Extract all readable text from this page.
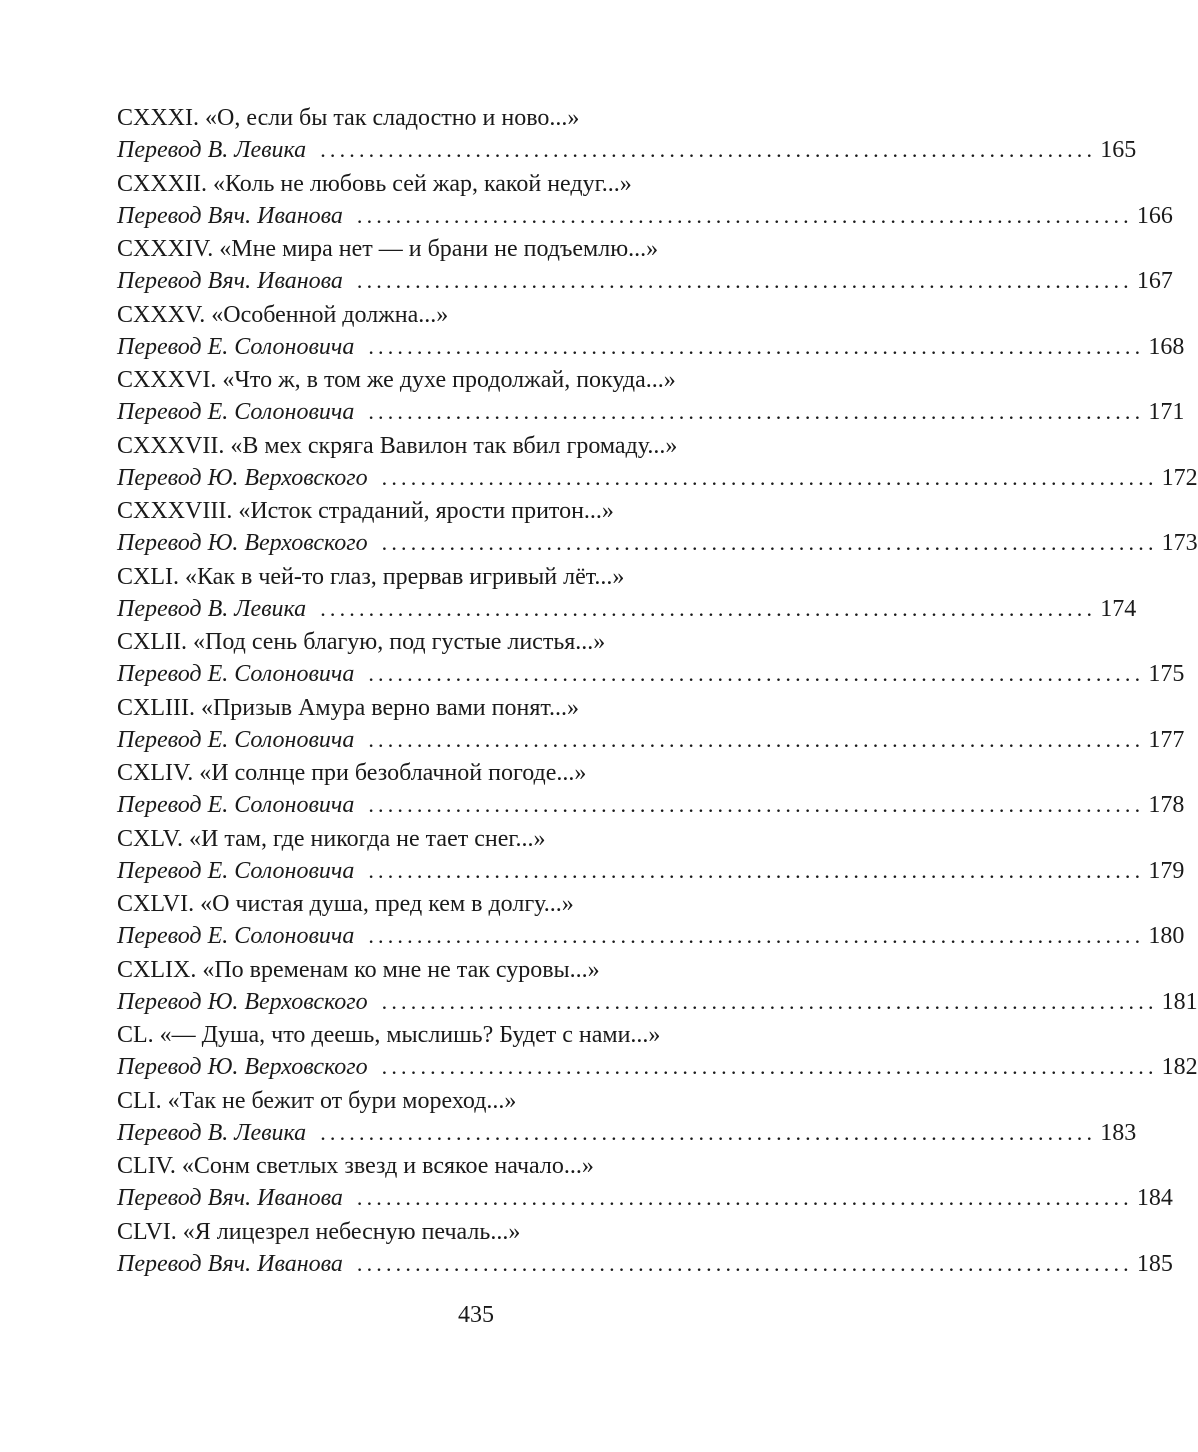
CXXXI. «О, если бы так сладостно и ново...»
Перевод В. Левика ................................................................................ 165
CXXXII. «Коль не любовь сей жар, какой недуг...»
Перевод Вяч. Иванова ................................................................................ 166
CXXXIV. «Мне мира нет — и брани не подъемлю...»
Перевод Вяч. Иванова ................................................................................ 167
CXXXV. «Особенной должна...»
Перевод Е. Солоновича ................................................................................ 168
CXXXVI. «Что ж, в том же духе продолжай, покуда...»
Перевод Е. Солоновича ................................................................................ 171
CXXXVII. «В мех скряга Вавилон так вбил громаду...»
Перевод Ю. Верховского ................................................................................ 172
CXXXVIII. «Исток страданий, ярости притон...»
Перевод Ю. Верховского ................................................................................ 173
CXLI. «Как в чей-то глаз, прервав игривый лёт...»
Перевод В. Левика ................................................................................ 174
CXLII. «Под сень благую, под густые листья...»
Перевод Е. Солоновича ................................................................................ 175
CXLIII. «Призыв Амура верно вами понят...»
Перевод Е. Солоновича ................................................................................ 177
CXLIV. «И солнце при безоблачной погоде...»
Перевод Е. Солоновича ................................................................................ 178
CXLV. «И там, где никогда не тает снег...»
Перевод Е. Солоновича ................................................................................ 179
CXLVI. «О чистая душа, пред кем в долгу...»
Перевод Е. Солоновича ................................................................................ 180
CXLIX. «По временам ко мне не так суровы...»
Перевод Ю. Верховского ................................................................................ 181
CL. «— Душа, что деешь, мыслишь? Будет с нами...»
Перевод Ю. Верховского ................................................................................ 182
CLI. «Так не бежит от бури мореход...»
Перевод В. Левика ................................................................................ 183
CLIV. «Сонм светлых звезд и всякое начало...»
Перевод Вяч. Иванова ................................................................................ 184
CLVI. «Я лицезрел небесную печаль...»
Перевод Вяч. Иванова ................................................................................ 185
435
